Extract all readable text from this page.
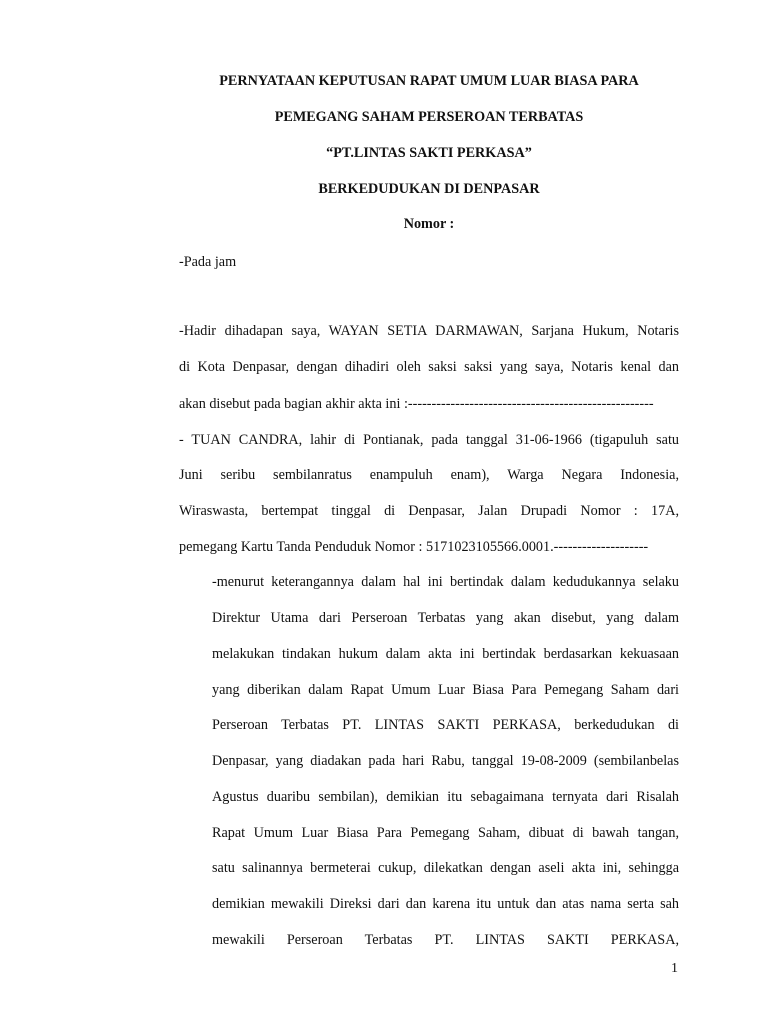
PERNYATAAN KEPUTUSAN RAPAT UMUM LUAR BIASA PARA
PEMEGANG SAHAM PERSEROAN TERBATAS
“PT.LINTAS SAKTI PERKASA”
BERKEDUDUKAN DI DENPASAR
Nomor :
-Pada jam
-Hadir dihadapan saya, WAYAN SETIA DARMAWAN, Sarjana Hukum, Notaris
di Kota Denpasar, dengan dihadiri oleh saksi saksi yang saya, Notaris kenal dan
akan disebut pada bagian akhir akta ini :----------------------------------------------------
- TUAN CANDRA, lahir di Pontianak, pada tanggal 31-06-1966 (tigapuluh satu
Juni seribu sembilanratus enampuluh enam), Warga Negara Indonesia,
Wiraswasta, bertempat tinggal di Denpasar, Jalan Drupadi Nomor : 17A,
pemegang Kartu Tanda Penduduk Nomor : 5171023105566.0001.--------------------
-menurut keterangannya dalam hal ini bertindak dalam kedudukannya selaku
Direktur Utama dari Perseroan Terbatas yang akan disebut, yang dalam
melakukan tindakan hukum dalam akta ini bertindak berdasarkan kekuasaan
yang diberikan dalam Rapat Umum Luar Biasa Para Pemegang Saham dari
Perseroan Terbatas PT. LINTAS SAKTI PERKASA, berkedudukan di
Denpasar, yang diadakan pada hari Rabu, tanggal 19-08-2009 (sembilanbelas
Agustus duaribu sembilan), demikian itu sebagaimana ternyata dari Risalah
Rapat Umum Luar Biasa Para Pemegang Saham, dibuat di bawah tangan,
satu salinannya bermeterai cukup, dilekatkan dengan aseli akta ini, sehingga
demikian mewakili Direksi dari dan karena itu untuk dan atas nama serta sah
mewakili Perseroan Terbatas PT. LINTAS SAKTI PERKASA,
1
